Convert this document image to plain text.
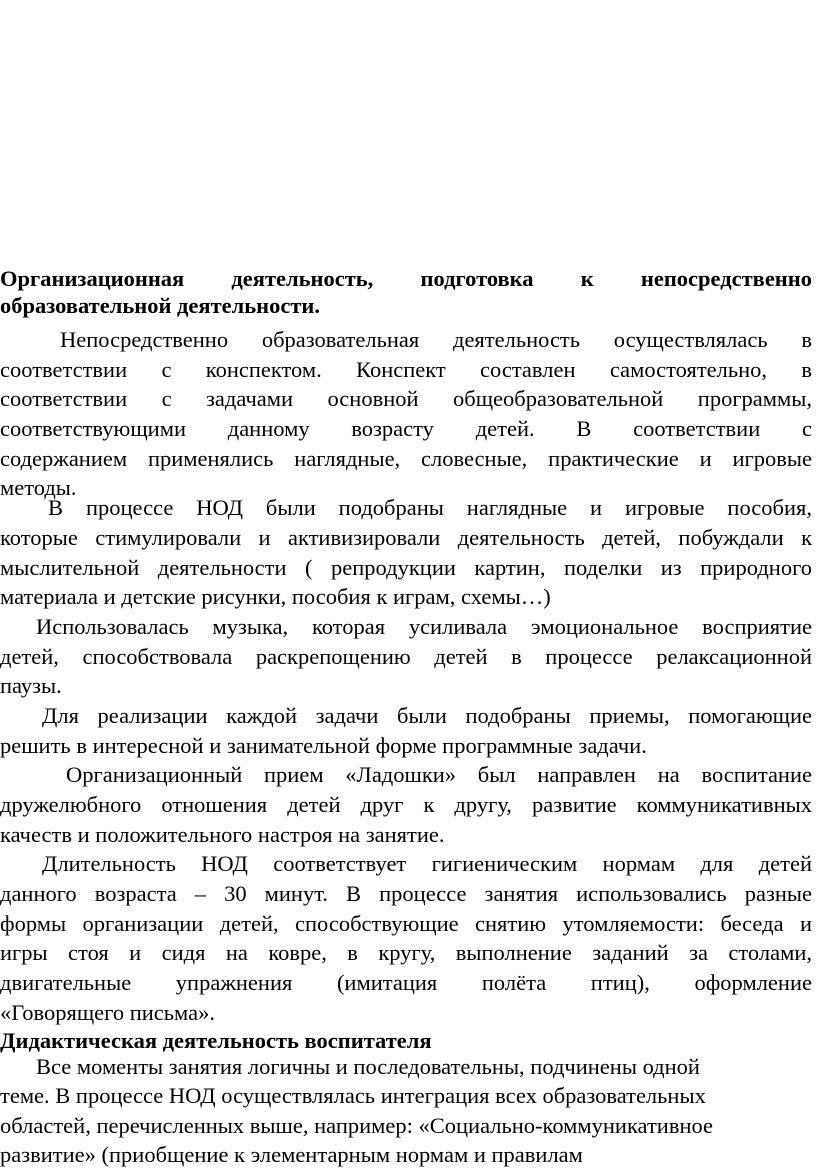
Организационная деятельность, подготовка к непосредственно

образовательной деятельности.

Непосредственно образовательная деятельность осуществлялась в

соответствии с конспектом. Конспект составлен самостоятельно, в

соответствии с задачами основной общеобразовательной программы,

соответствующими данному возрасту детей. В соответствии с

содержанием применялись наглядные, словесные, практические и игровые

методы.

В процессе НОД были подобраны наглядные и игровые пособия,

которые стимулировали и активизировали деятельность детей, побуждали к

мыслительной деятельности ( репродукции картин, поделки из природного

материала и детские рисунки, пособия к играм, схемы…)

Использовалась музыка, которая усиливала эмоциональное восприятие

детей, способствовала раскрепощению детей в процессе релаксационной

паузы.

Для реализации каждой задачи были подобраны приемы, помогающие

решить в интересной и занимательной форме программные задачи.

Организационный прием «Ладошки» был направлен на воспитание

дружелюбного отношения детей друг к другу, развитие коммуникативных

качеств и положительного настроя на занятие.

Длительность НОД соответствует гигиеническим нормам для детей

данного возраста – 30 минут. В процессе занятия использовались разные

формы организации детей, способствующие снятию утомляемости: беседа и

игры стоя и сидя на ковре, в кругу, выполнение заданий за столами,

двигательные упражнения (имитация полёта птиц), оформление

«Говорящего письма».

Дидактическая деятельность воспитателя

Все моменты занятия логичны и последовательны, подчинены одной

теме. В процессе НОД осуществлялась интеграция всех образовательных

областей, перечисленных выше, например: «Социально-коммуникативное

развитие» (приобщение к элементарным нормам и правилам
